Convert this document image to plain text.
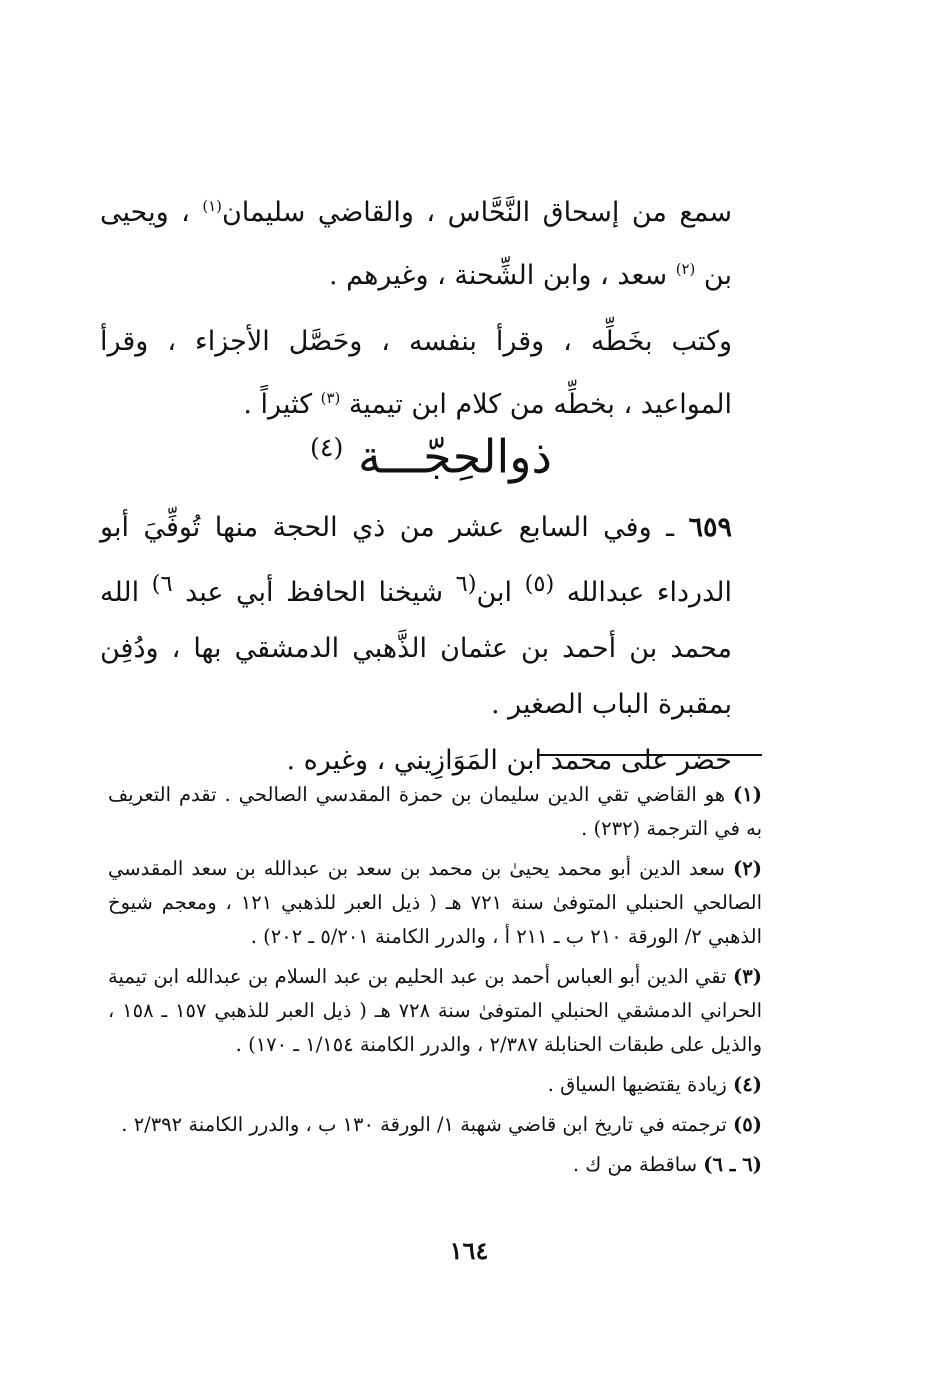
سمع من إسحاق النَّحَّاس ، والقاضي سليمان$^{(١)}$ ، ويحيى بن $^{(٢)}$ سعد ، وابن الشِّحنة ، وغيرهم .

وكتب بخَطِّه ، وقرأ بنفسه ، وحَصَّل الأجزاء ، وقرأ المواعيد ، بخطِّه من كلام ابن تيمية $^{(٣)}$ كثيراً .

ذوالحِجّـــة $^{(٤)}$

٦٥٩ ـ وفي السابع عشر من ذي الحجة منها تُوفِّيَ أبو الدرداء عبدالله $^{(٥)}$ ابن$^{(٦}$ شيخنا الحافظ أبي عبد $^{٦)}$ الله محمد بن أحمد بن عثمان الذَّهبي الدمشقي بها ، ودُفِن بمقبرة الباب الصغير .

حضر على محمد ابن المَوَازِيني ، وغيره .

(١) هو القاضي تقي الدين سليمان بن حمزة المقدسي الصالحي . تقدم التعريف به في الترجمة (٢٣٢) .

(٢) سعد الدين أبو محمد يحيىٰ بن محمد بن سعد بن عبدالله بن سعد المقدسي الصالحي الحنبلي المتوفىٰ سنة ٧٢١ هـ ( ذيل العبر للذهبي ١٢١ ، ومعجم شيوخ الذهبي ٢/ الورقة ٢١٠ ب ـ ٢١١ أ ، والدرر الكامنة ٥/٢٠١ ـ ٢٠٢) .

(٣) تقي الدين أبو العباس أحمد بن عبد الحليم بن عبد السلام بن عبدالله ابن تيمية الحراني الدمشقي الحنبلي المتوفىٰ سنة ٧٢٨ هـ ( ذيل العبر للذهبي ١٥٧ ـ ١٥٨ ، والذيل على طبقات الحنابلة ٢/٣٨٧ ، والدرر الكامنة ١/١٥٤ ـ ١٧٠) .

(٤) زيادة يقتضيها السياق .

(٥) ترجمته في تاريخ ابن قاضي شهبة ١/ الورقة ١٣٠ ب ، والدرر الكامنة ٢/٣٩٢ .

(٦ ـ ٦) ساقطة من ك .

١٦٤
